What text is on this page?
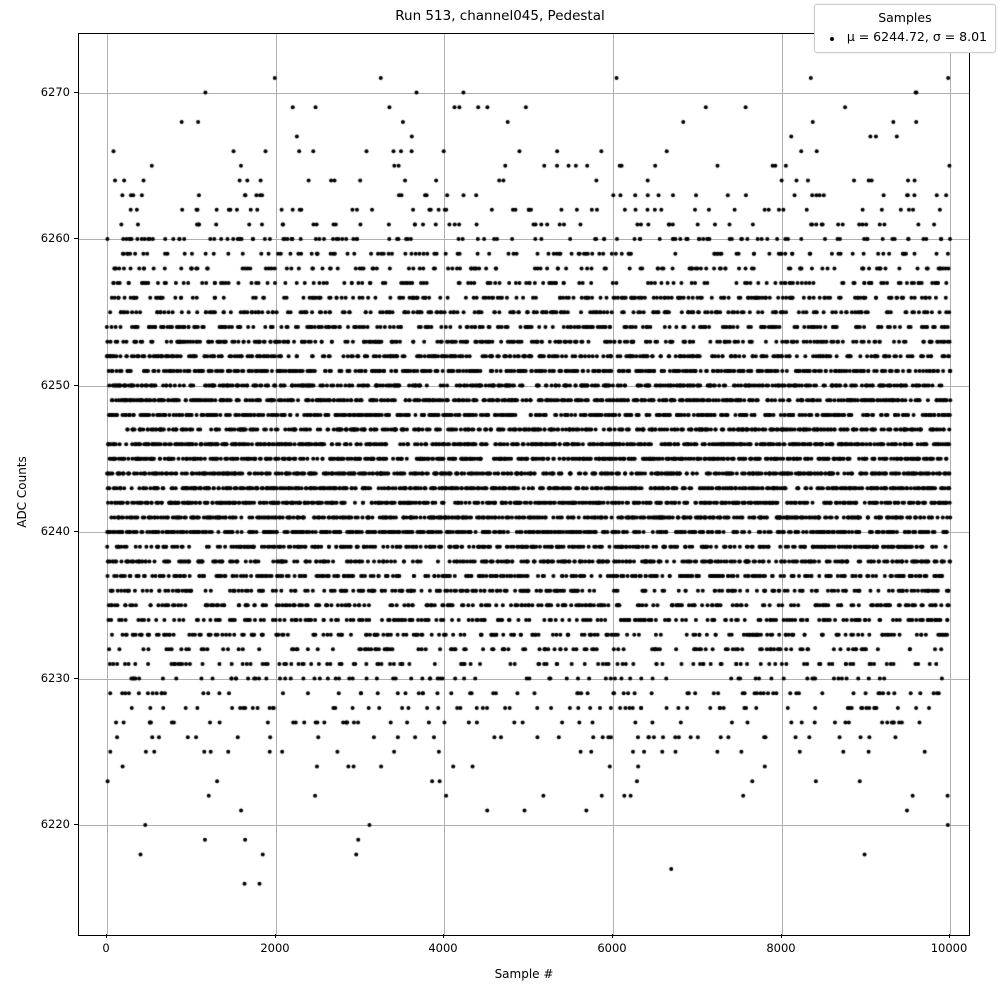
Run 513, channel045, Pedestal
Sample #
ADC Counts
Samples
μ = 6244.72, σ = 8.01
0	2000	4000	6000	8000	10000
6220
6230
6240
6250
6260
6270
